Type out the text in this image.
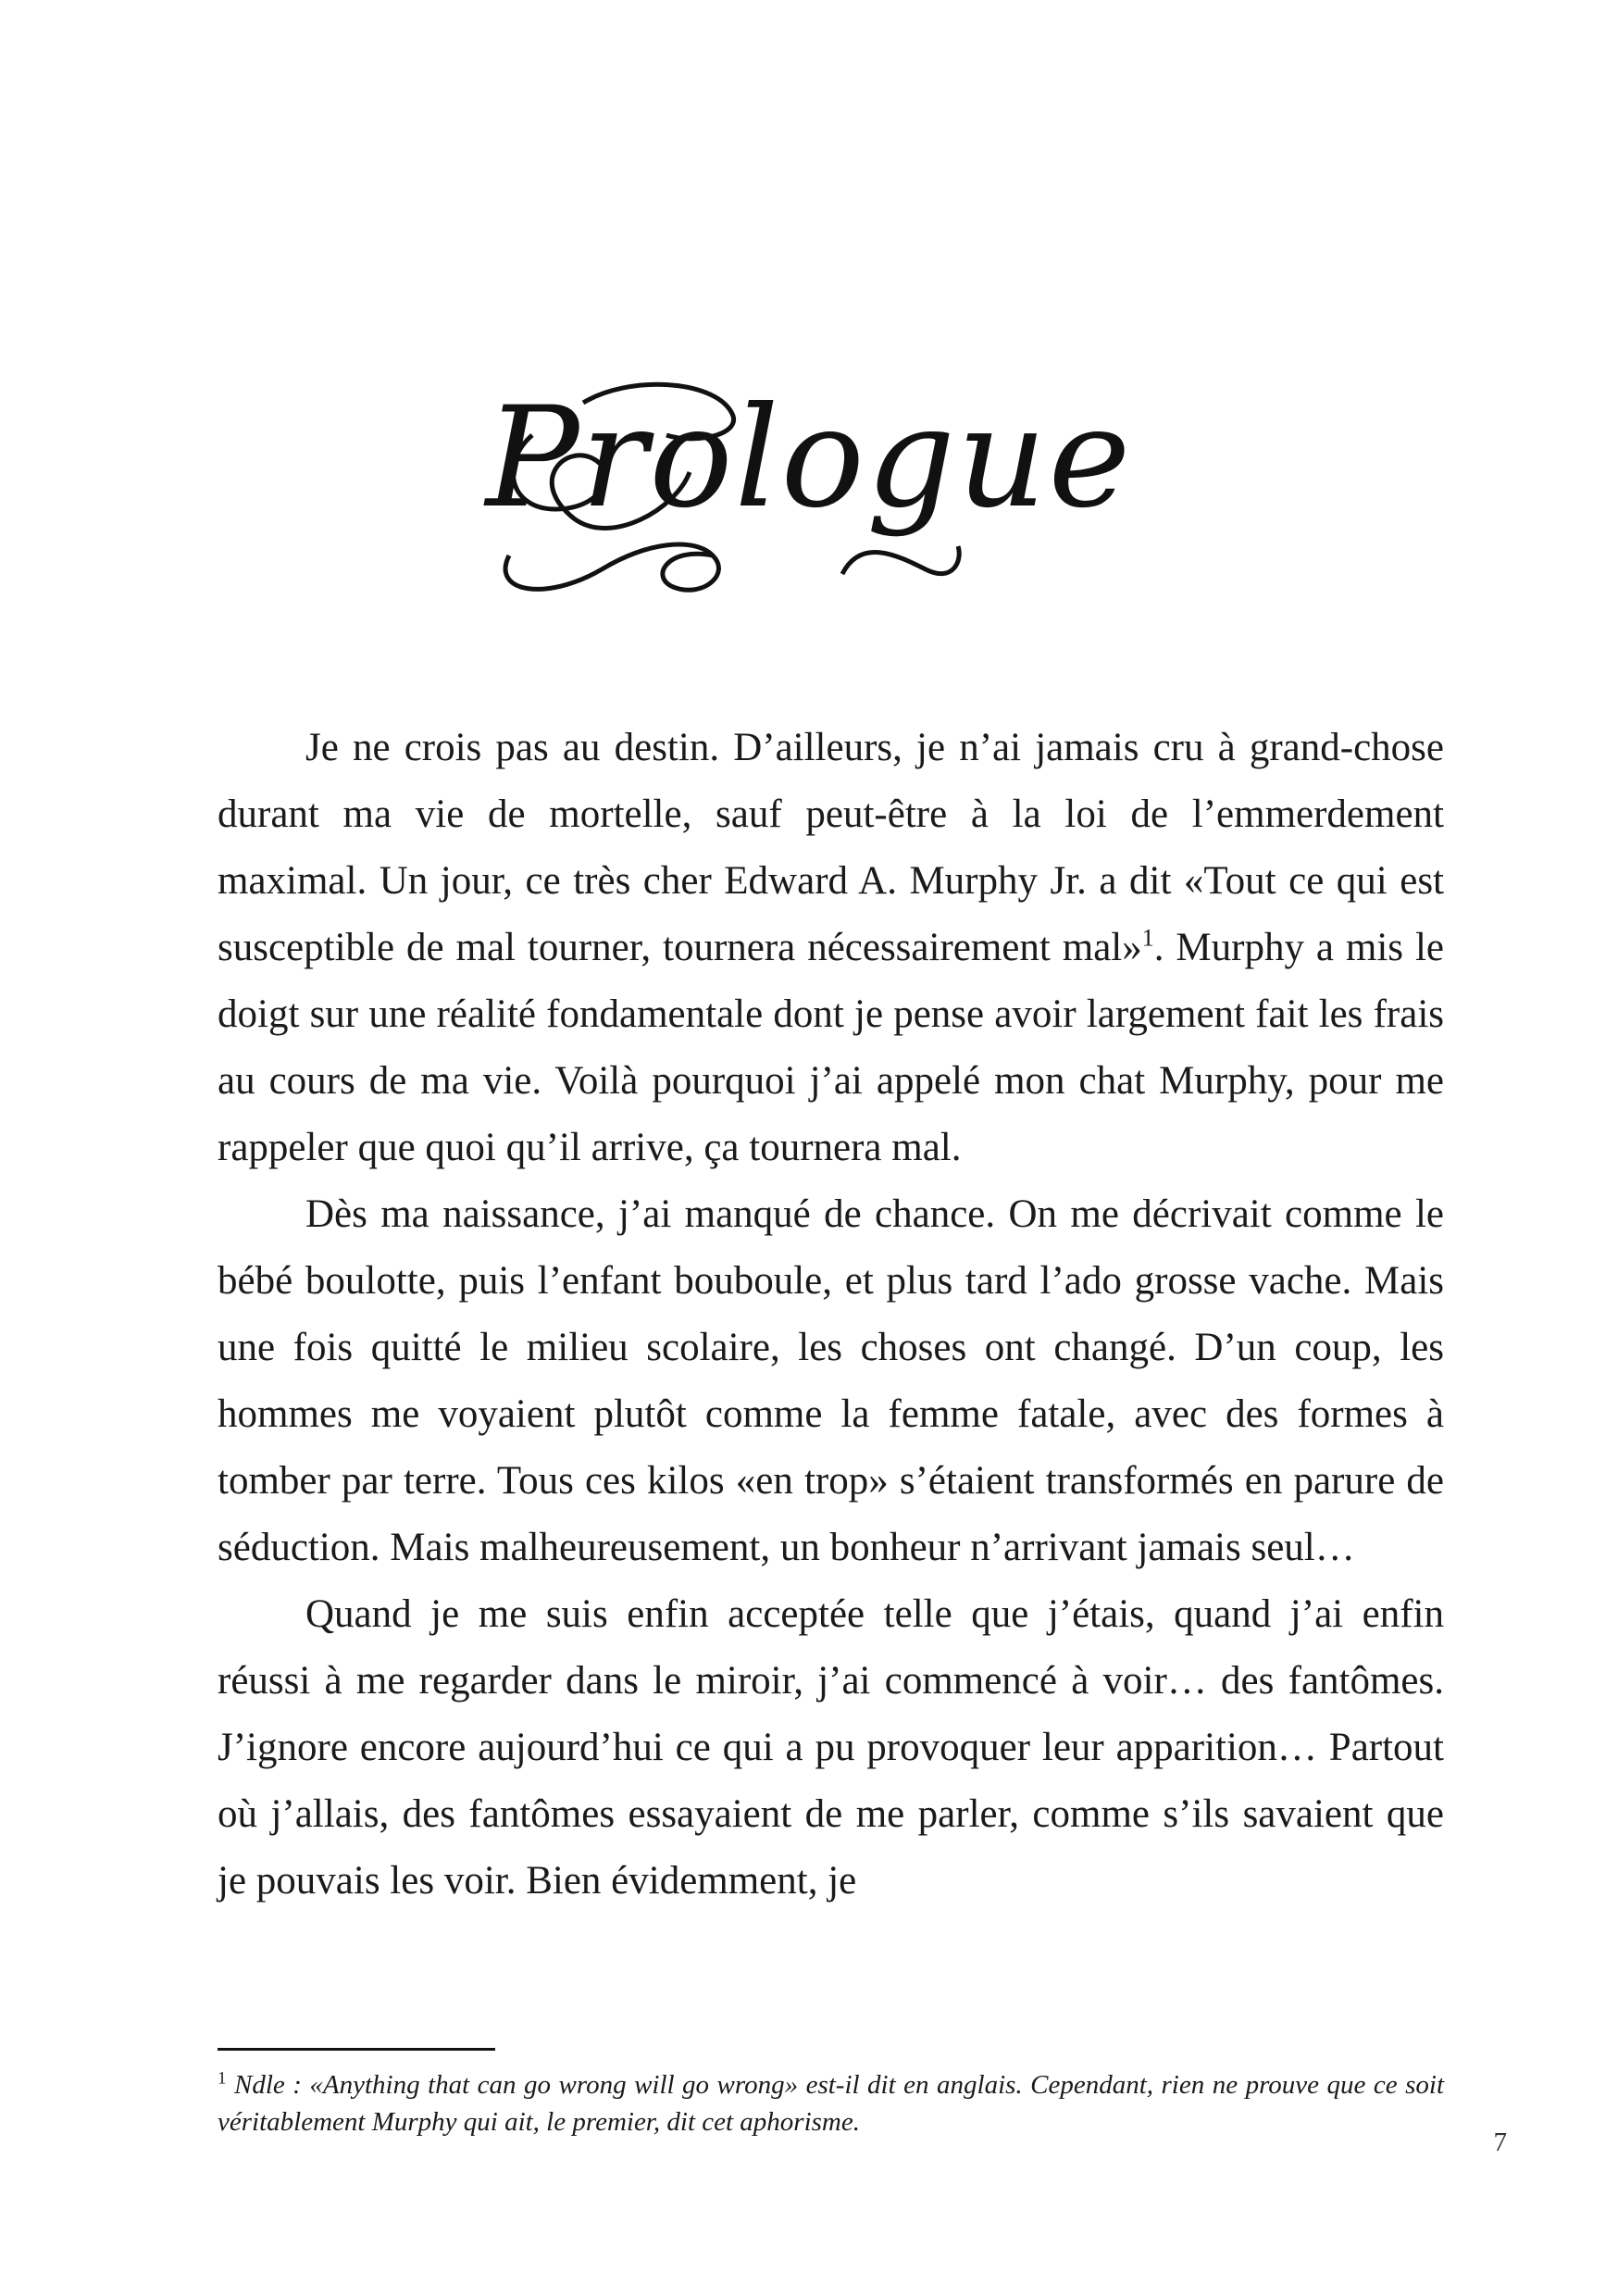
Prologue

Je ne crois pas au destin. D’ailleurs, je n’ai jamais cru à grand-chose durant ma vie de mortelle, sauf peut-être à la loi de l’emmerdement maximal. Un jour, ce très cher Edward A. Murphy Jr. a dit «Tout ce qui est susceptible de mal tourner, tournera nécessairement mal»$^1$. Murphy a mis le doigt sur une réalité fondamentale dont je pense avoir largement fait les frais au cours de ma vie. Voilà pourquoi j’ai appelé mon chat Murphy, pour me rappeler que quoi qu’il arrive, ça tournera mal.

Dès ma naissance, j’ai manqué de chance. On me décrivait comme le bébé boulotte, puis l’enfant bouboule, et plus tard l’ado grosse vache. Mais une fois quitté le milieu scolaire, les choses ont changé. D’un coup, les hommes me voyaient plutôt comme la femme fatale, avec des formes à tomber par terre. Tous ces kilos «en trop» s’étaient transformés en parure de séduction. Mais malheureusement, un bonheur n’arrivant jamais seul…

Quand je me suis enfin acceptée telle que j’étais, quand j’ai enfin réussi à me regarder dans le miroir, j’ai commencé à voir… des fantômes. J’ignore encore aujourd’hui ce qui a pu provoquer leur apparition… Partout où j’allais, des fantômes essayaient de me parler, comme s’ils savaient que je pouvais les voir. Bien évidemment, je

$^1$ Ndle : «Anything that can go wrong will go wrong» est-il dit en anglais. Cependant, rien ne prouve que ce soit véritablement Murphy qui ait, le premier, dit cet aphorisme.

7
